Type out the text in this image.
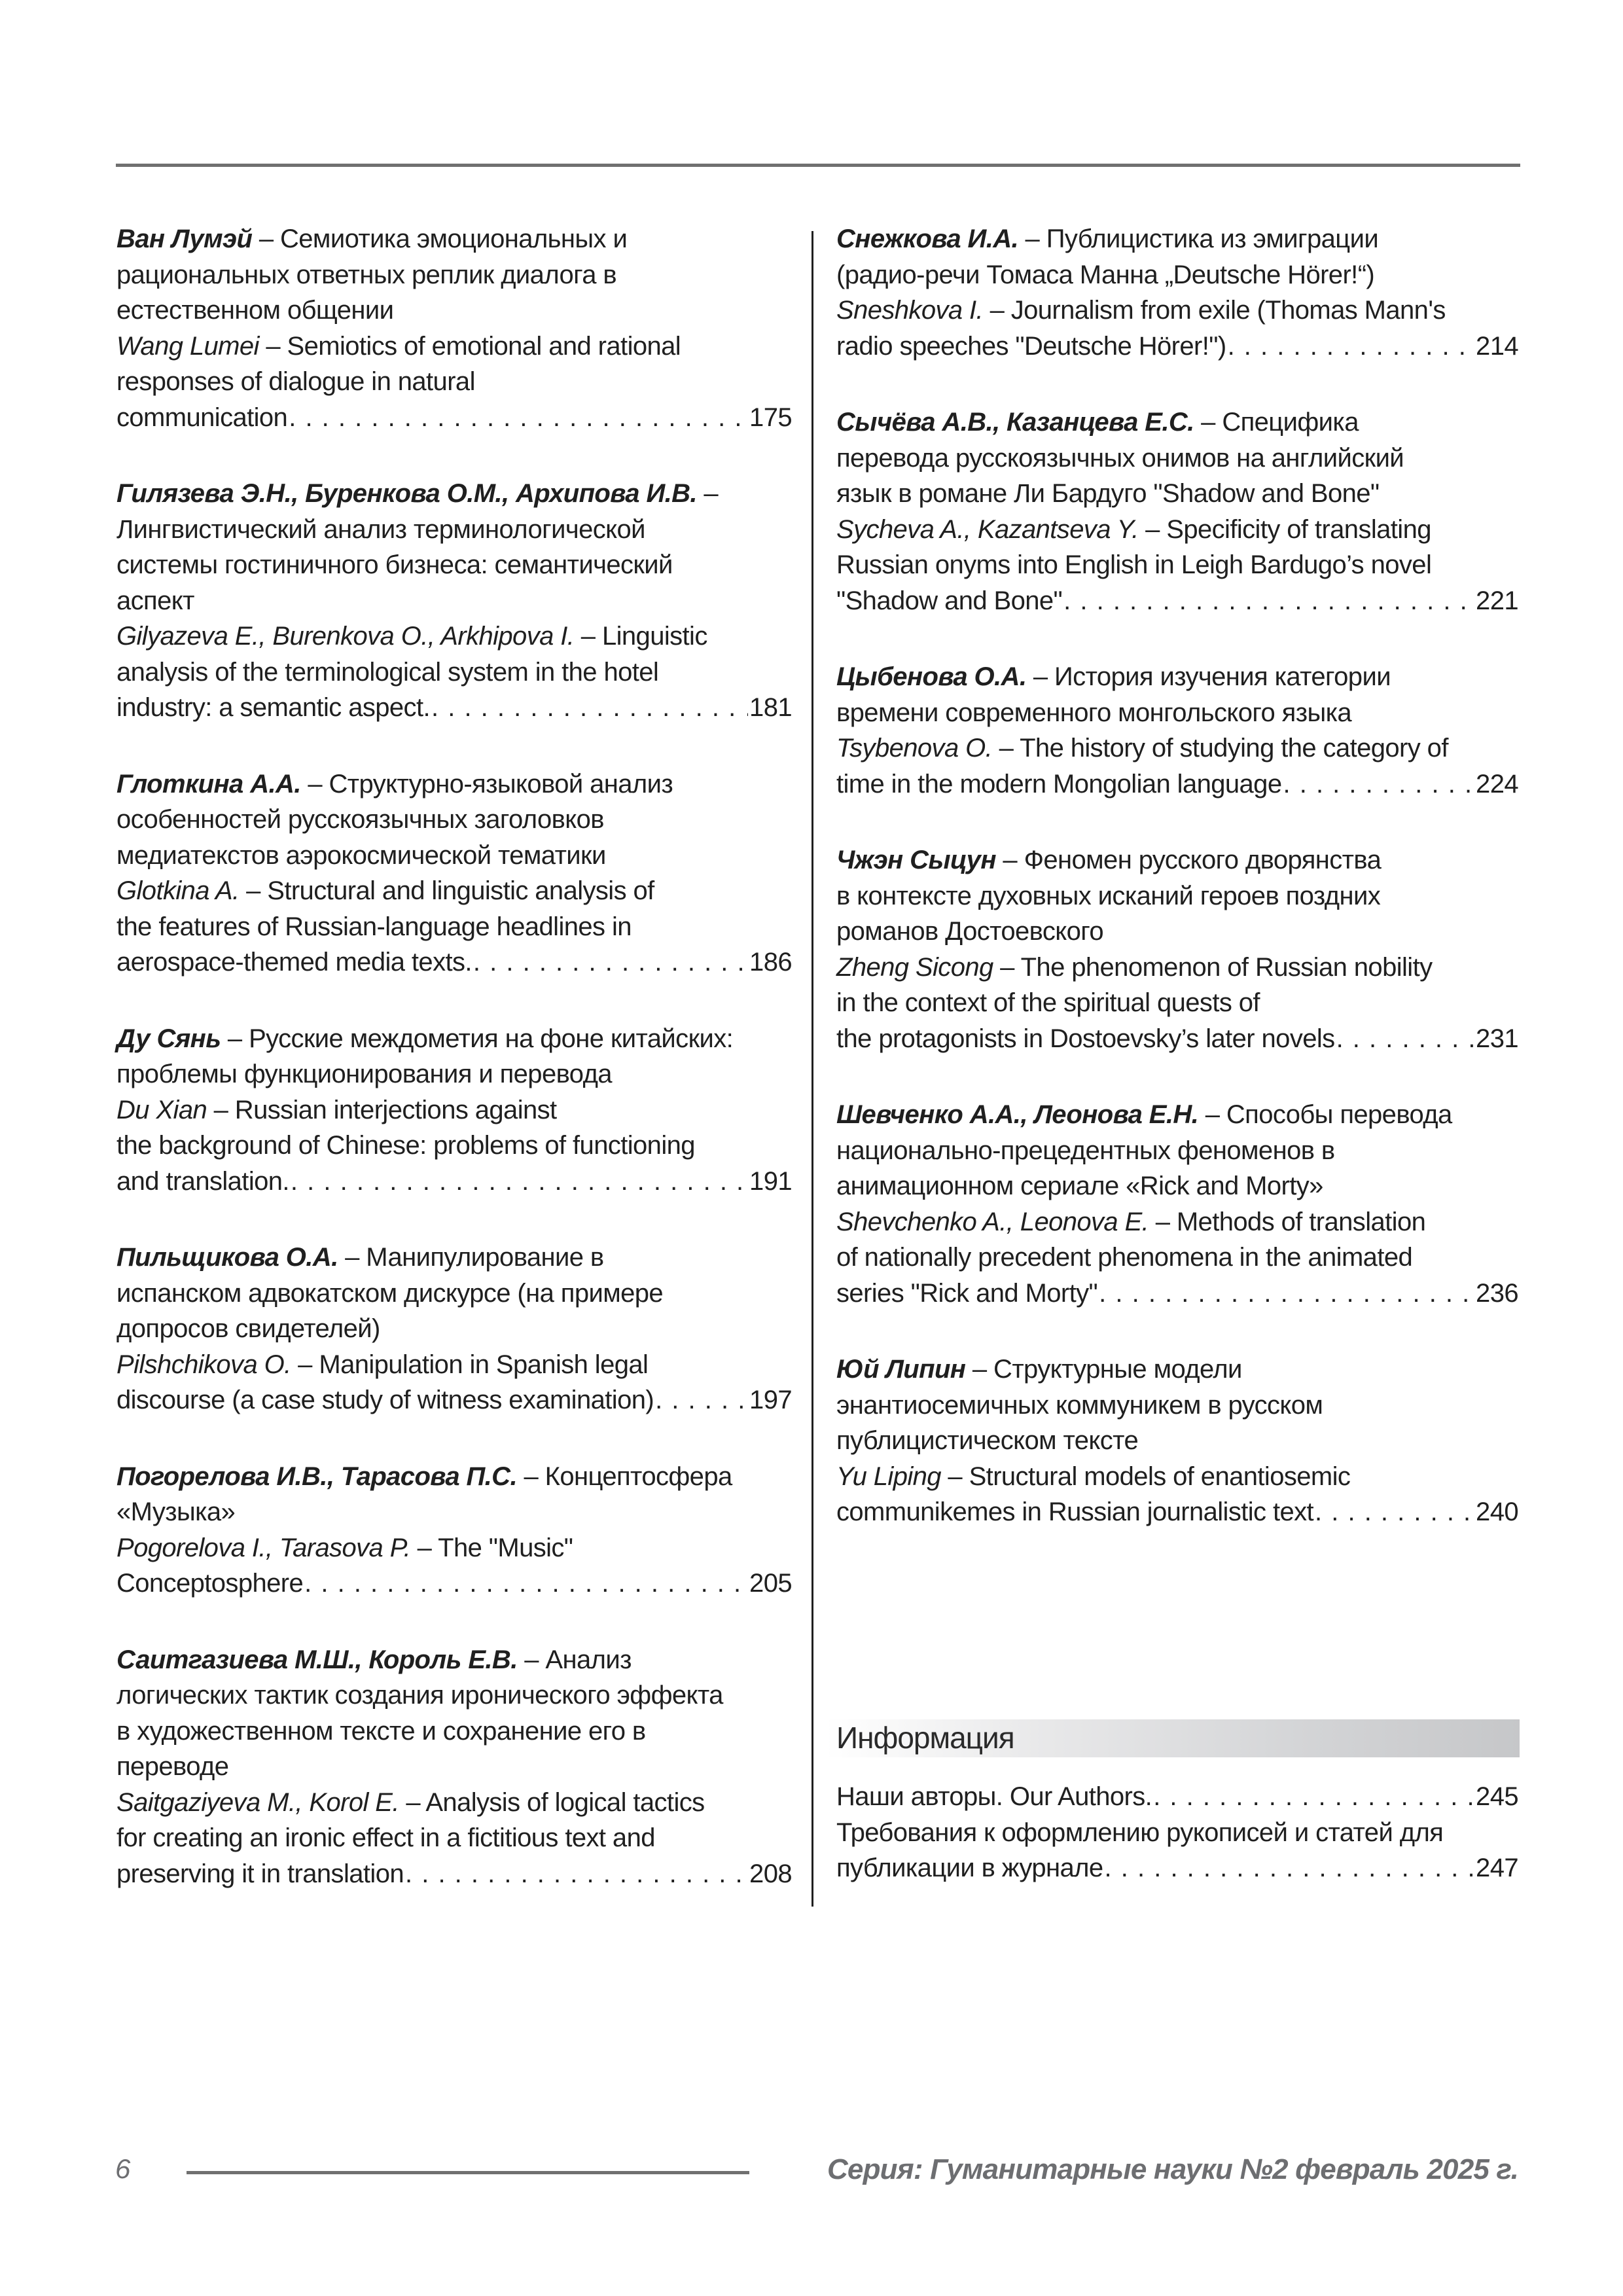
Ван Лумэй – Семиотика эмоциональных и
рациональных ответных реплик диалога в
естественном общении
Wang Lumei – Semiotics of emotional and rational
responses of dialogue in natural
communication . . .	175
Гилязева Э.Н., Буренкова О.М., Архипова И.В. –
Лингвистический анализ терминологической
системы гостиничного бизнеса: семантический
аспект
Gilyazeva E., Burenkova O., Arkhipova I. – Linguistic
analysis of the terminological system in the hotel
industry: a semantic aspect. . . .	181
Глоткина А.А. – Структурно-языковой анализ
особенностей русскоязычных заголовков
медиатекстов аэрокосмической тематики
Glotkina A. – Structural and linguistic analysis of
the features of Russian-language headlines in
aerospace-themed media texts. . . .	186
Ду Сянь – Русские междометия на фоне китайских:
проблемы функционирования и перевода
Du Xian – Russian interjections against
the background of Chinese: problems of functioning
and translation. . . .	191
Пильщикова О.А. – Манипулирование в
испанском адвокатском дискурсе (на примере
допросов свидетелей)
Pilshchikova O. – Manipulation in Spanish legal
discourse (a case study of witness examination) . . .	197
Погорелова И.В., Тарасова П.С. – Концептосфера
«Музыка»
Pogorelova I., Tarasova P. – The "Music"
Conceptosphere . . .	205
Саитгазиева М.Ш., Король Е.В. – Анализ
логических тактик создания иронического эффекта
в художественном тексте и сохранение его в
переводе
Saitgaziyeva M., Korol E. – Analysis of logical tactics
for creating an ironic effect in a fictitious text and
preserving it in translation . . .	208
Снежкова И.А. – Публицистика из эмиграции
(радио-речи Томаса Манна „Deutsche Hörer!“)
Sneshkova I. – Journalism from exile (Thomas Mann's
radio speeches "Deutsche Hörer!") . . .	214
Сычёва А.В., Казанцева Е.С. – Специфика
перевода русскоязычных онимов на английский
язык в романе Ли Бардуго "Shadow and Bone"
Sycheva A., Kazantseva Y. – Specificity of translating
Russian onyms into English in Leigh Bardugo’s novel
"Shadow and Bone" . . .	221
Цыбенова О.А. – История изучения категории
времени современного монгольского языка
Tsybenova O. – The history of studying the category of
time in the modern Mongolian language . . .	224
Чжэн Сыцун – Феномен русского дворянства
в контексте духовных исканий героев поздних
романов Достоевского
Zheng Sicong – The phenomenon of Russian nobility
in the context of the spiritual quests of
the protagonists in Dostoevsky’s later novels . . .	231
Шевченко А.А., Леонова Е.Н. – Способы перевода
национально-прецедентных феноменов в
анимационном сериале «Rick and Morty»
Shevchenko A., Leonova E. – Methods of translation
of nationally precedent phenomena in the animated
series "Rick and Morty" . . .	236
Юй Липин – Структурные модели
энантиосемичных коммуникем в русском
публицистическом тексте
Yu Liping – Structural models of enantiosemic
communikemes in Russian journalistic text . . .	240
Информация
Наши авторы. Our Authors. . . .	245
Требования к оформлению рукописей и статей для
публикации в журнале . . .	247
6	Серия: Гуманитарные науки №2 февраль 2025 г.
